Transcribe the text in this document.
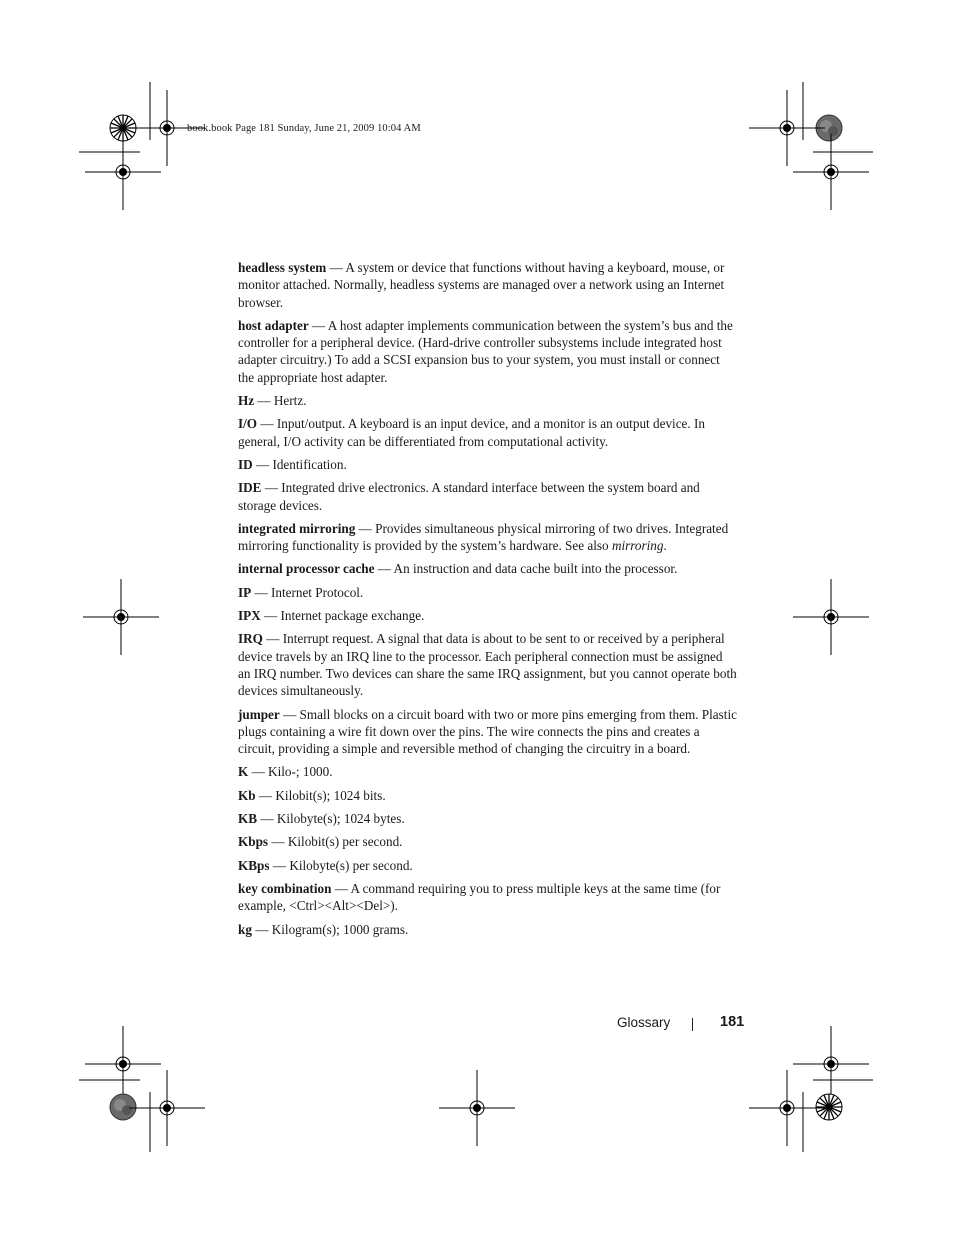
book.book Page 181 Sunday, June 21, 2009 10:04 AM

headless system — A system or device that functions without having a keyboard, mouse, or monitor attached. Normally, headless systems are managed over a network using an Internet browser.

host adapter — A host adapter implements communication between the system’s bus and the controller for a peripheral device. (Hard-drive controller subsystems include integrated host adapter circuitry.) To add a SCSI expansion bus to your system, you must install or connect the appropriate host adapter.

Hz — Hertz.

I/O — Input/output. A keyboard is an input device, and a monitor is an output device. In general, I/O activity can be differentiated from computational activity.

ID — Identification.

IDE — Integrated drive electronics. A standard interface between the system board and storage devices.

integrated mirroring — Provides simultaneous physical mirroring of two drives. Integrated mirroring functionality is provided by the system’s hardware. See also mirroring.

internal processor cache — An instruction and data cache built into the processor.

IP — Internet Protocol.

IPX — Internet package exchange.

IRQ — Interrupt request. A signal that data is about to be sent to or received by a peripheral device travels by an IRQ line to the processor. Each peripheral connection must be assigned an IRQ number. Two devices can share the same IRQ assignment, but you cannot operate both devices simultaneously.

jumper — Small blocks on a circuit board with two or more pins emerging from them. Plastic plugs containing a wire fit down over the pins. The wire connects the pins and creates a circuit, providing a simple and reversible method of changing the circuitry in a board.

K — Kilo-; 1000.

Kb — Kilobit(s); 1024 bits.

KB — Kilobyte(s); 1024 bytes.

Kbps — Kilobit(s) per second.

KBps — Kilobyte(s) per second.

key combination — A command requiring you to press multiple keys at the same time (for example, <Ctrl><Alt><Del>).

kg — Kilogram(s); 1000 grams.

Glossary	181
